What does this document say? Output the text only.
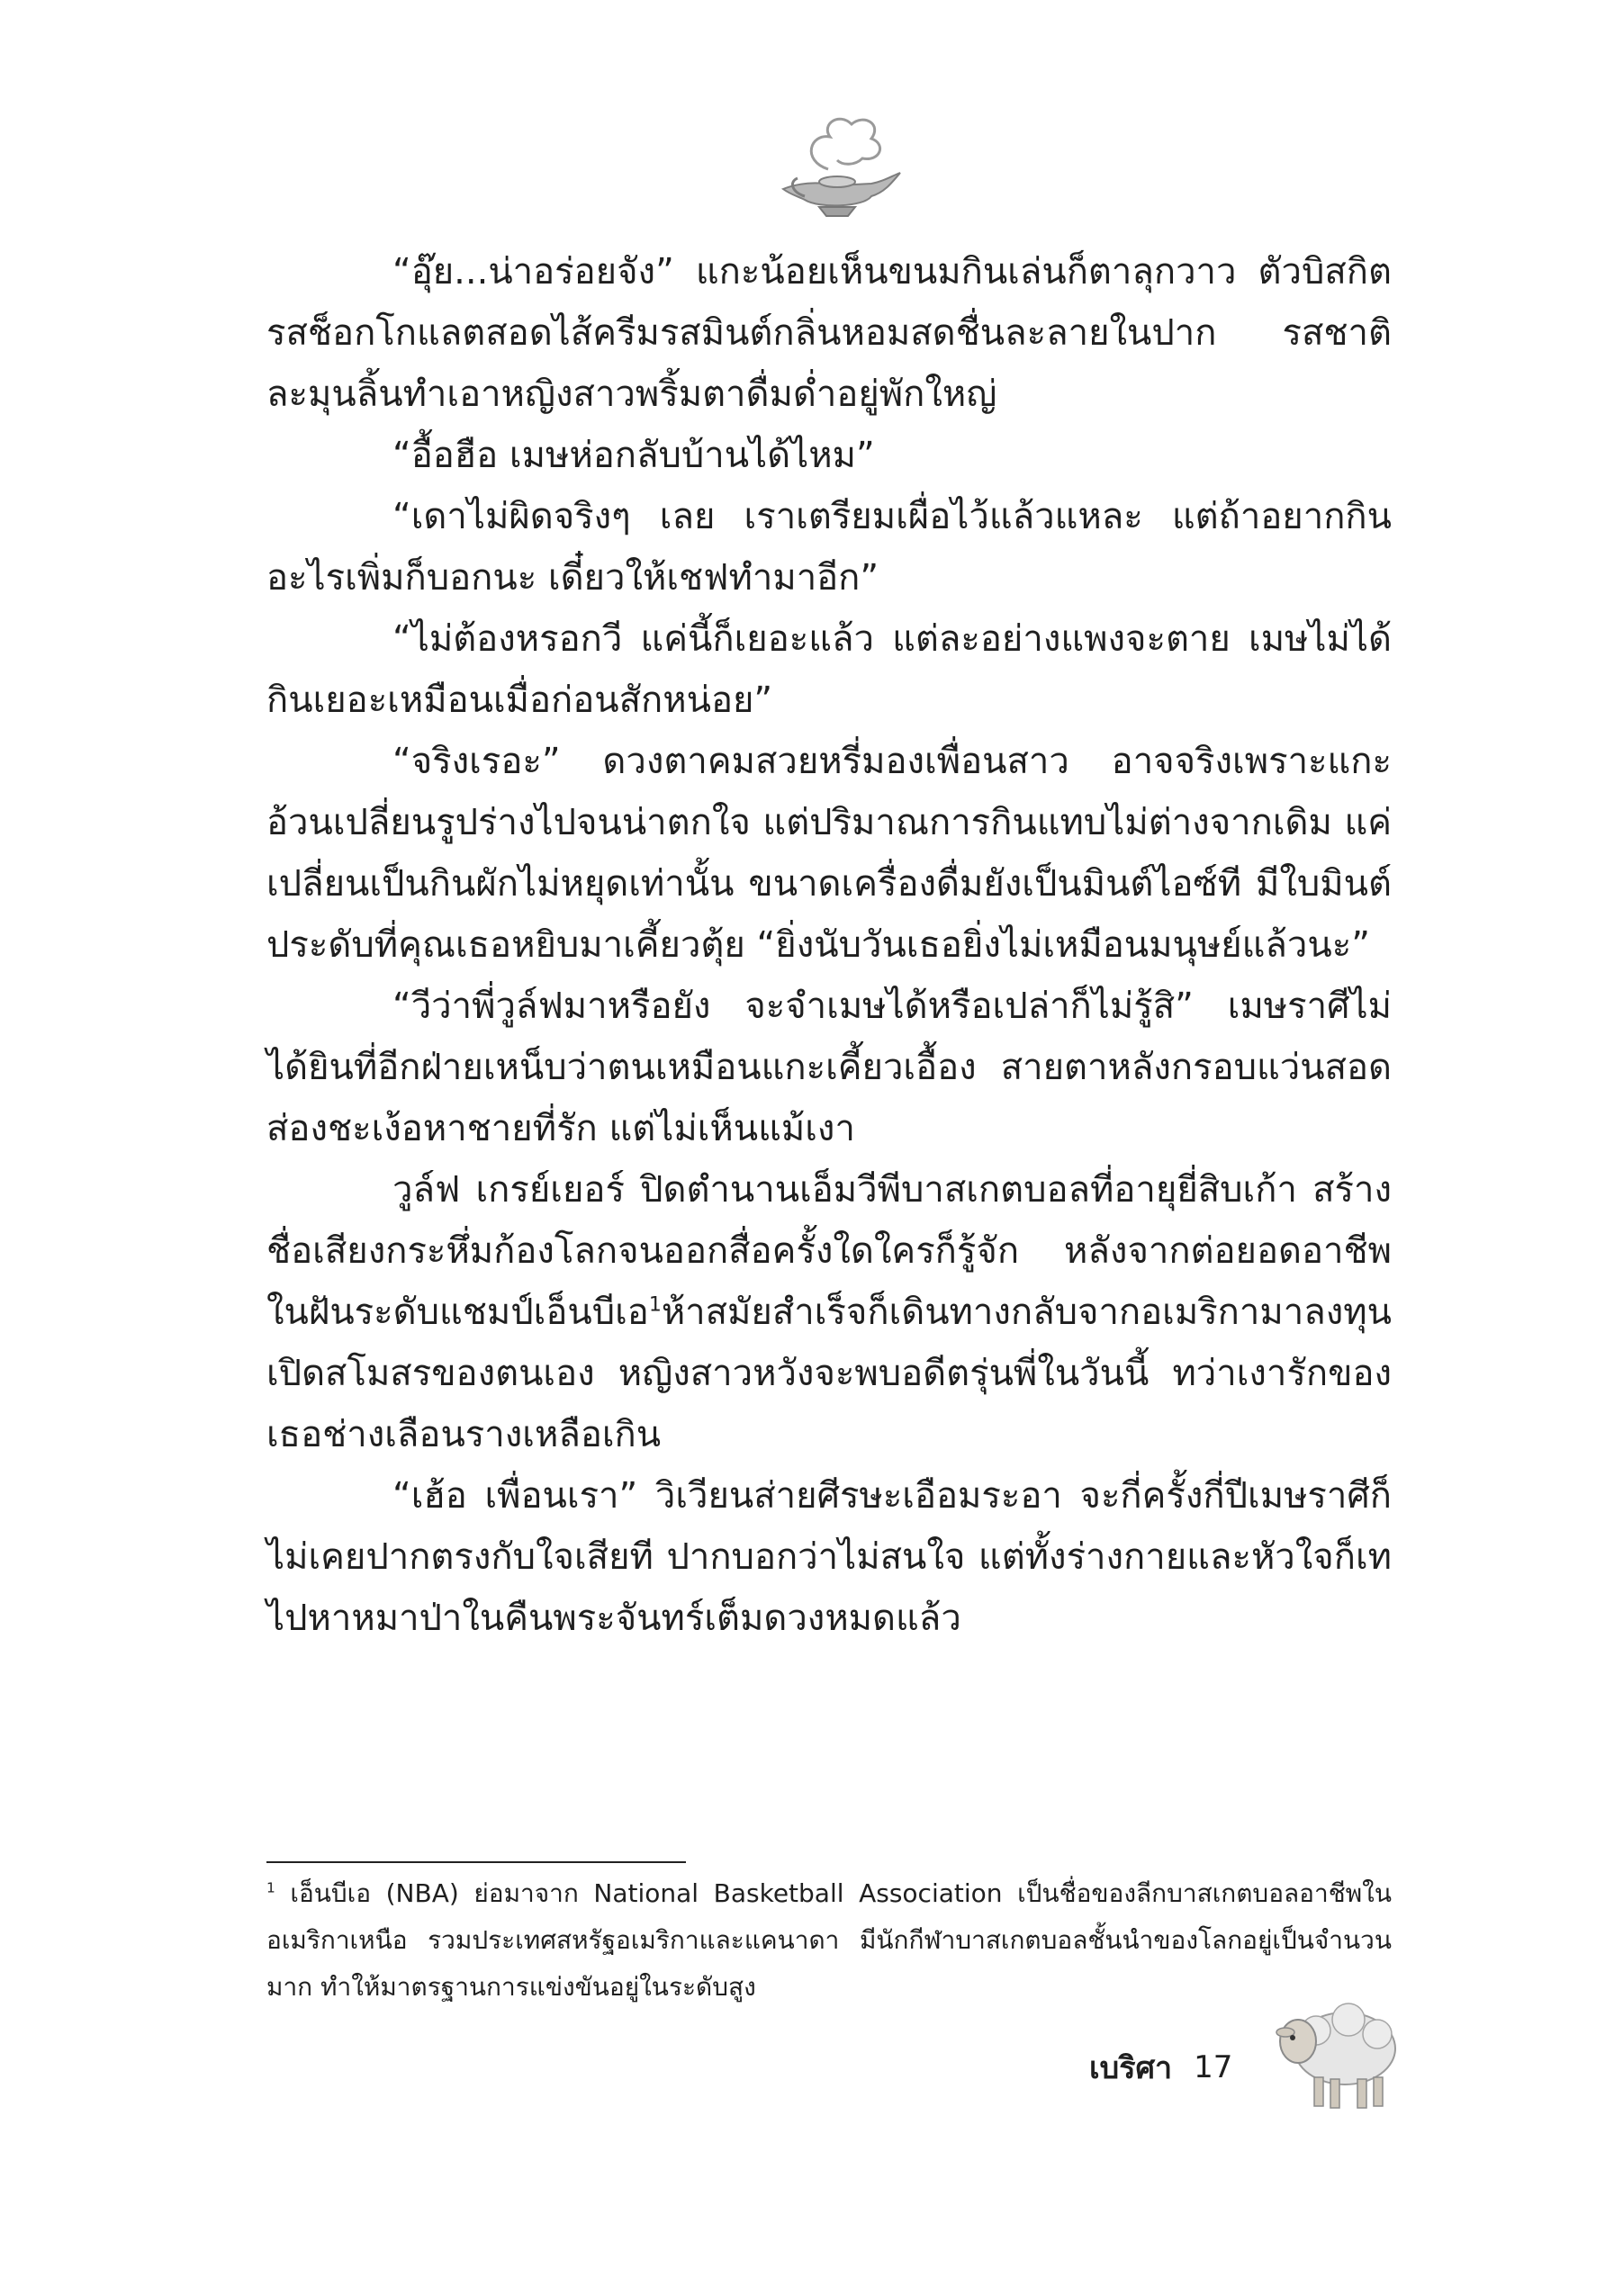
“อุ๊ย...น่าอร่อยจัง” แกะน้อยเห็นขนมกินเล่นก็ตาลุกวาว ตัวบิสกิตรสช็อกโกแลตสอดไส้ครีมรสมินต์กลิ่นหอมสดชื่นละลายในปาก รสชาติละมุนลิ้นทำเอาหญิงสาวพริ้มตาดื่มด่ำอยู่พักใหญ่

“อื้อฮือ เมษห่อกลับบ้านได้ไหม”

“เดาไม่ผิดจริงๆ เลย เราเตรียมเผื่อไว้แล้วแหละ แต่ถ้าอยากกินอะไรเพิ่มก็บอกนะ เดี๋ยวให้เชฟทำมาอีก”

“ไม่ต้องหรอกวี แค่นี้ก็เยอะแล้ว แต่ละอย่างแพงจะตาย เมษไม่ได้กินเยอะเหมือนเมื่อก่อนสักหน่อย”

“จริงเรอะ” ดวงตาคมสวยหรี่มองเพื่อนสาว อาจจริงเพราะแกะอ้วนเปลี่ยนรูปร่างไปจนน่าตกใจ แต่ปริมาณการกินแทบไม่ต่างจากเดิม แค่เปลี่ยนเป็นกินผักไม่หยุดเท่านั้น ขนาดเครื่องดื่มยังเป็นมินต์ไอซ์ที มีใบมินต์ประดับที่คุณเธอหยิบมาเคี้ยวตุ้ย “ยิ่งนับวันเธอยิ่งไม่เหมือนมนุษย์แล้วนะ”

“วีว่าพี่วูล์ฟมาหรือยัง จะจำเมษได้หรือเปล่าก็ไม่รู้สิ” เมษราศีไม่ได้ยินที่อีกฝ่ายเหน็บว่าตนเหมือนแกะเคี้ยวเอื้อง สายตาหลังกรอบแว่นสอดส่องชะเง้อหาชายที่รัก แต่ไม่เห็นแม้เงา

วูล์ฟ เกรย์เยอร์ ปิดตำนานเอ็มวีพีบาสเกตบอลที่อายุยี่สิบเก้า สร้างชื่อเสียงกระหึ่มก้องโลกจนออกสื่อครั้งใดใครก็รู้จัก หลังจากต่อยอดอาชีพในฝันระดับแชมป์เอ็นบีเอ$^1$ห้าสมัยสำเร็จก็เดินทางกลับจากอเมริกามาลงทุนเปิดสโมสรของตนเอง หญิงสาวหวังจะพบอดีตรุ่นพี่ในวันนี้ ทว่าเงารักของเธอช่างเลือนรางเหลือเกิน

“เฮ้อ เพื่อนเรา” วิเวียนส่ายศีรษะเอือมระอา จะกี่ครั้งกี่ปีเมษราศีก็ไม่เคยปากตรงกับใจเสียที ปากบอกว่าไม่สนใจ แต่ทั้งร่างกายและหัวใจก็เทไปหาหมาป่าในคืนพระจันทร์เต็มดวงหมดแล้ว

$^1$ เอ็นบีเอ (NBA) ย่อมาจาก National Basketball Association เป็นชื่อของลีกบาสเกตบอลอาชีพในอเมริกาเหนือ รวมประเทศสหรัฐอเมริกาและแคนาดา มีนักกีฬาบาสเกตบอลชั้นนำของโลกอยู่เป็นจำนวนมาก ทำให้มาตรฐานการแข่งขันอยู่ในระดับสูง

เบริศา 17
